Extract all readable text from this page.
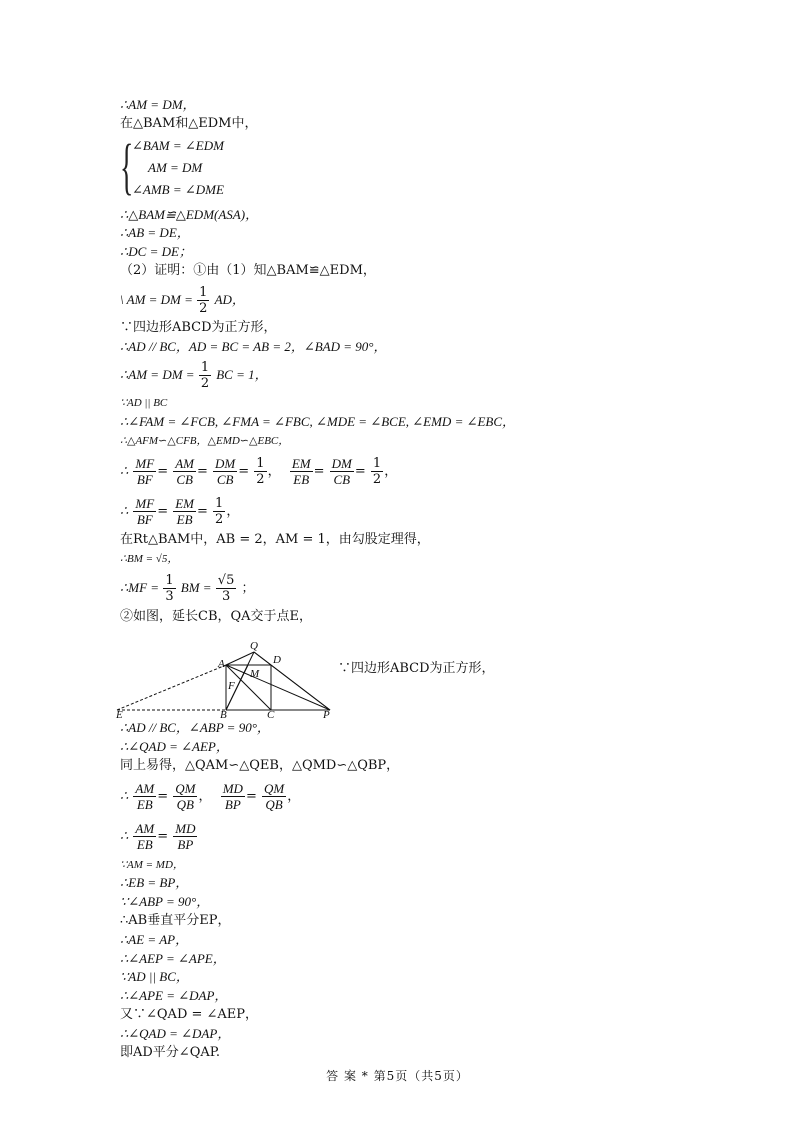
∴AM = DM，
在△BAM和△EDM中，
{
∠BAM = ∠EDM
AM = DM
∠AMB = ∠DME
∴△BAM≌△EDM(ASA)，
∴AB = DE，
∴DC = DE；
（2）证明：①由（1）知△BAM≌△EDM，
\ AM = DM = $\frac{1}{2}$ AD，
∵四边形ABCD为正方形，
∴AD // BC，AD = BC = AB = 2，∠BAD = 90°，
∴AM = DM = $\frac{1}{2}$ BC = 1，
∵AD || BC
∴∠FAM = ∠FCB, ∠FMA = ∠FBC, ∠MDE = ∠BCE, ∠EMD = ∠EBC，
∴△AFM∽△CFB，△EMD∽△EBC，
∴ $\frac{MF}{BF} = \frac{AM}{CB} = \frac{DM}{CB} = \frac{1}{2}$ ， $\frac{EM}{EB} = \frac{DM}{CB} = \frac{1}{2}$ ，
∴ $\frac{MF}{BF} = \frac{EM}{EB} = \frac{1}{2}$ ，
在Rt△BAM中，AB = 2，AM = 1，由勾股定理得，
∴BM = √5，
∴MF = $\frac{1}{3}$ BM = $\frac{√5}{3}$ ；
②如图，延长CB，QA交于点E，
A
B	C
D
E
F
M
P
Q
∵四边形ABCD为正方形，
∴AD // BC，∠ABP = 90°，
∴∠QAD = ∠AEP，
同上易得，△QAM∽△QEB，△QMD∽△QBP，
∴ $\frac{AM}{EB} = \frac{QM}{QB}$ ， $\frac{MD}{BP} = \frac{QM}{QB}$ ，
∴ $\frac{AM}{EB} = \frac{MD}{BP}$
∵AM = MD，
∴EB = BP，
∵∠ABP = 90°，
∴AB垂直平分EP，
∴AE = AP，
∴∠AEP = ∠APE，
∵AD || BC，
∴∠APE = ∠DAP，
又∵∠QAD = ∠AEP，
∴∠QAD = ∠DAP，
即AD平分∠QAP.
答 案 * 第5页（共5页）
